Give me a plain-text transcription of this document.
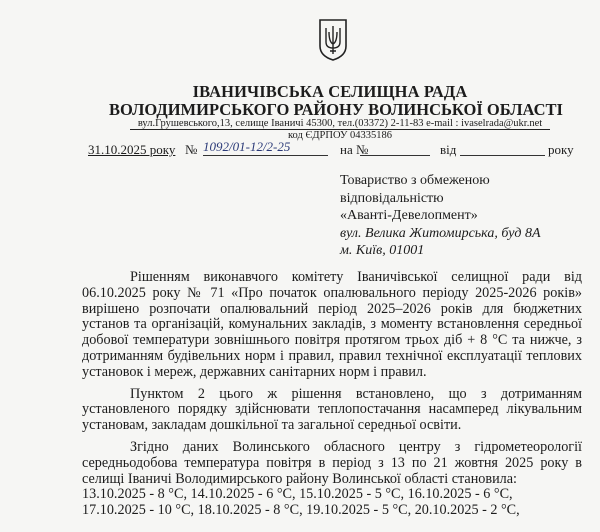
ІВАНИЧІВСЬКА СЕЛИЩНА РАДА
ВОЛОДИМИРСЬКОГО РАЙОНУ ВОЛИНСЬКОЇ ОБЛАСТІ
вул.Грушевського,13, селище Іваничі 45300, тел.(03372) 2-11-83 e-mail : ivaselrada@ukr.net
код ЄДРПОУ 04335186
31.10.2025 року № 1092/01-12/2-25	на №	від	року
Товариство з обмеженою
відповідальністю
«Аванті-Девелопмент»
вул. Велика Житомирська, буд 8А
м. Київ, 01001

Рішенням виконавчого комітету Іваничівської селищної ради від 06.10.2025 року № 71 «Про початок опалювального періоду 2025-2026 років» вирішено розпочати опалювальний період 2025–2026 років для бюджетних установ та організацій, комунальних закладів, з моменту встановлення середньої добової температури зовнішнього повітря протягом трьох діб + 8 °С та нижче, з дотриманням будівельних норм і правил, правил технічної експлуатації теплових установок і мереж, державних санітарних норм і правил.

Пунктом 2 цього ж рішення встановлено, що з дотриманням установленого порядку здійснювати теплопостачання насамперед лікувальним установам, закладам дошкільної та загальної середньої освіти.

Згідно даних Волинського обласного центру з гідрометеорології середньодобова температура повітря в період з 13 по 21 жовтня 2025 року в селищі Іваничі Володимирського району Волинської області становила:

13.10.2025 - 8 °С, 14.10.2025 - 6 °С, 15.10.2025 - 5 °С, 16.10.2025 - 6 °С,

17.10.2025 - 10 °С, 18.10.2025 - 8 °С, 19.10.2025 - 5 °С, 20.10.2025 - 2 °С,
